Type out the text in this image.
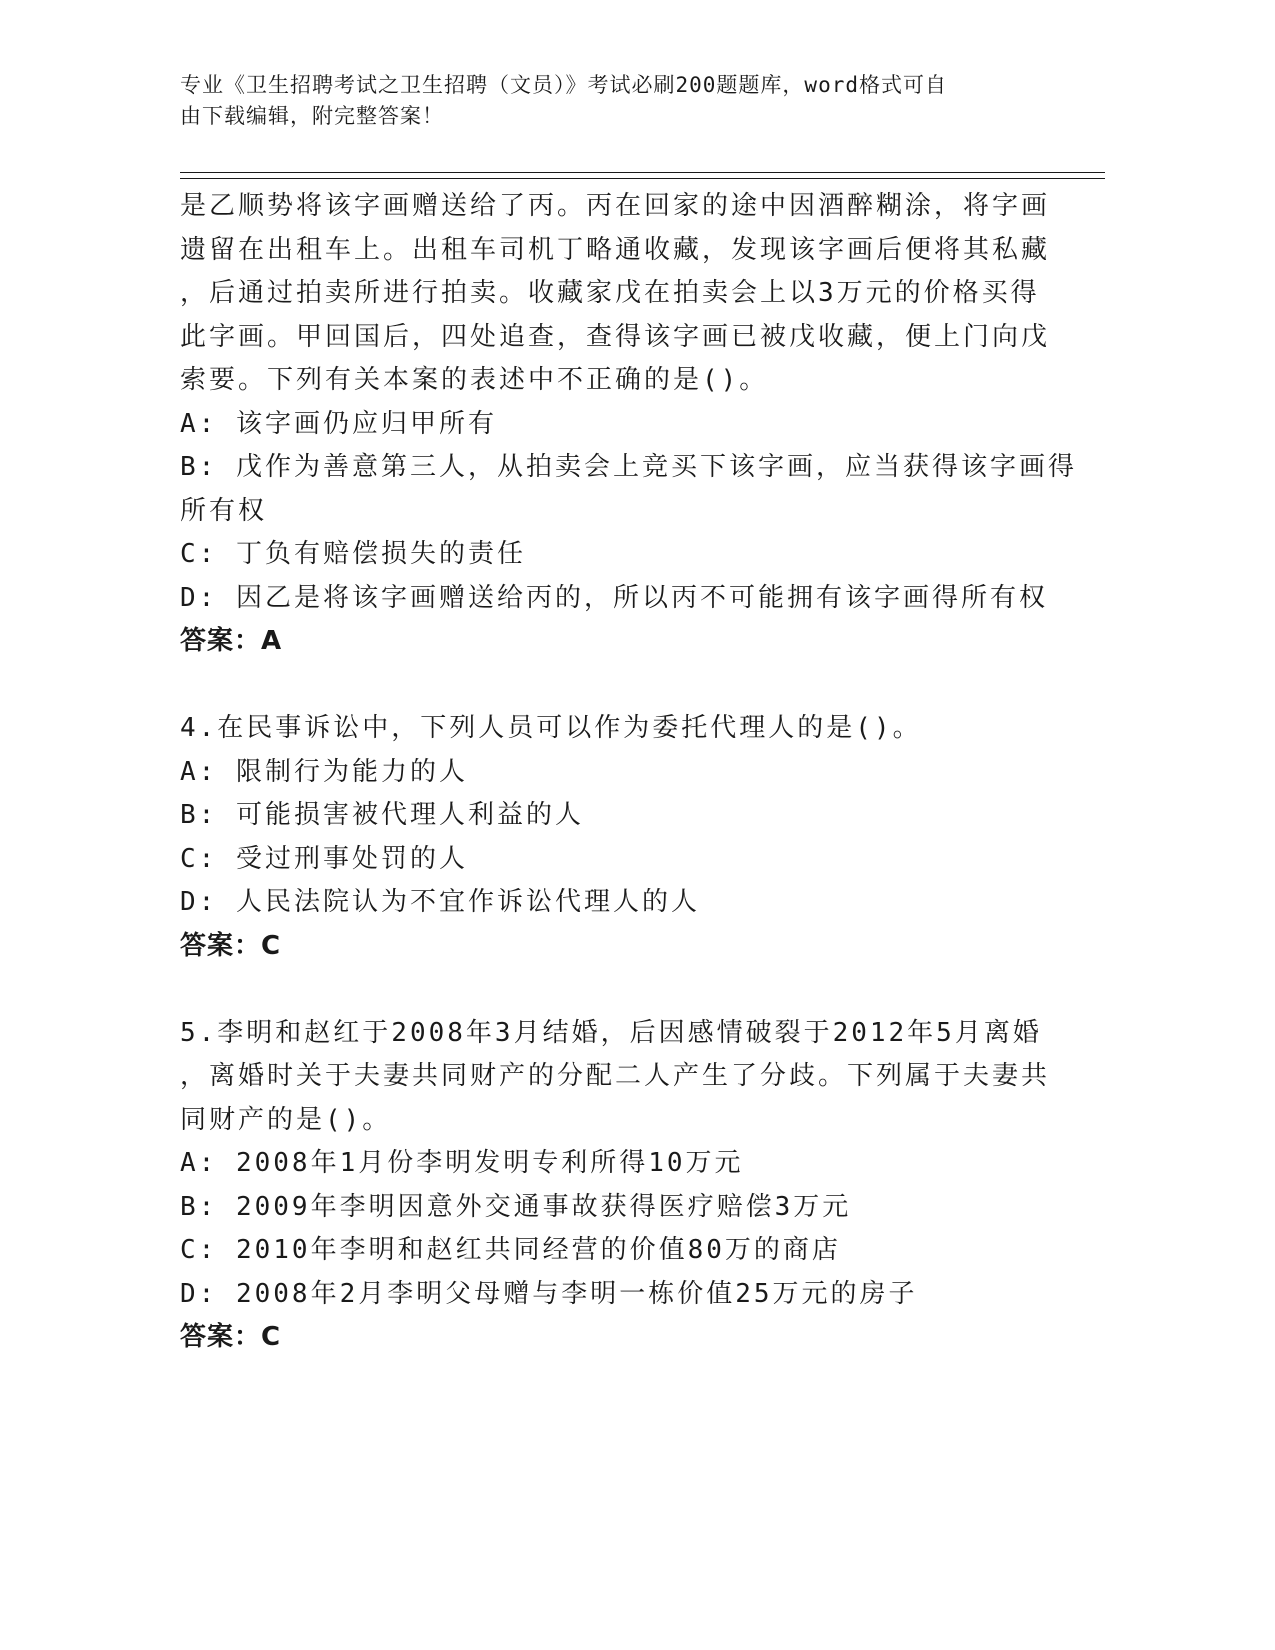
专业《卫生招聘考试之卫生招聘（文员）》考试必刷200题题库，word格式可自
由下载编辑，附完整答案！
是乙顺势将该字画赠送给了丙。丙在回家的途中因酒醉糊涂，将字画
遗留在出租车上。出租车司机丁略通收藏，发现该字画后便将其私藏
，后通过拍卖所进行拍卖。收藏家戊在拍卖会上以3万元的价格买得
此字画。甲回国后，四处追查，查得该字画已被戊收藏，便上门向戊
索要。下列有关本案的表述中不正确的是()。
A: 该字画仍应归甲所有
B: 戊作为善意第三人，从拍卖会上竞买下该字画，应当获得该字画得
所有权
C: 丁负有赔偿损失的责任
D: 因乙是将该字画赠送给丙的，所以丙不可能拥有该字画得所有权
答案：A
4.在民事诉讼中，下列人员可以作为委托代理人的是()。
A: 限制行为能力的人
B: 可能损害被代理人利益的人
C: 受过刑事处罚的人
D: 人民法院认为不宜作诉讼代理人的人
答案：C
5.李明和赵红于2008年3月结婚，后因感情破裂于2012年5月离婚
，离婚时关于夫妻共同财产的分配二人产生了分歧。下列属于夫妻共
同财产的是()。
A: 2008年1月份李明发明专利所得10万元
B: 2009年李明因意外交通事故获得医疗赔偿3万元
C: 2010年李明和赵红共同经营的价值80万的商店
D: 2008年2月李明父母赠与李明一栋价值25万元的房子
答案：C
